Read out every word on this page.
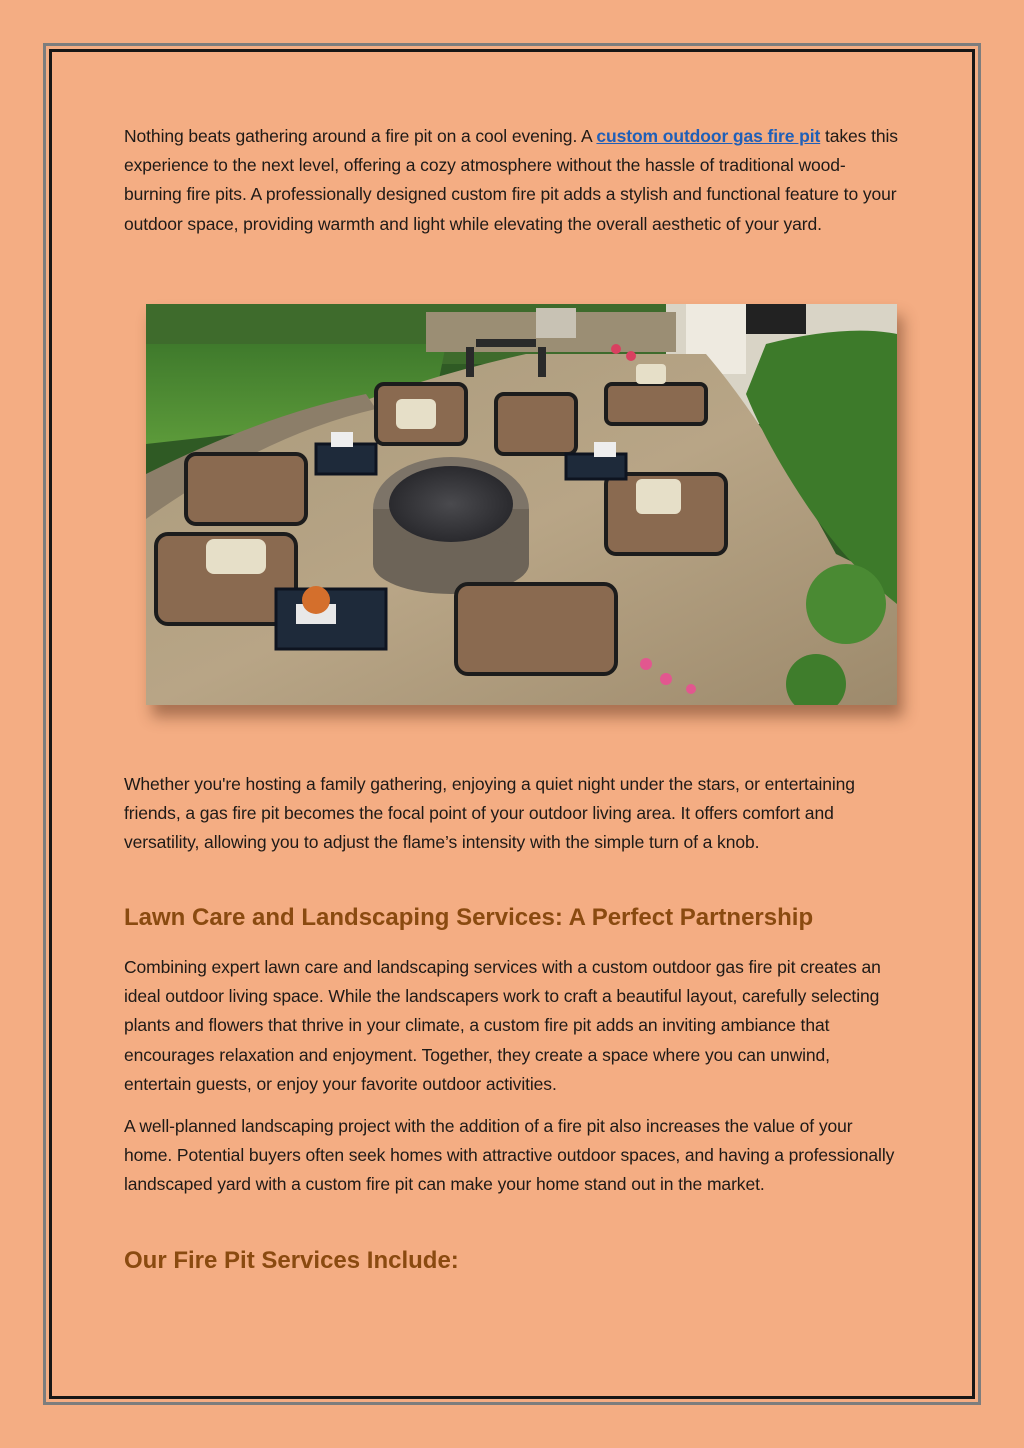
Nothing beats gathering around a fire pit on a cool evening. A custom outdoor gas fire pit takes this experience to the next level, offering a cozy atmosphere without the hassle of traditional wood-burning fire pits. A professionally designed custom fire pit adds a stylish and functional feature to your outdoor space, providing warmth and light while elevating the overall aesthetic of your yard.

Whether you're hosting a family gathering, enjoying a quiet night under the stars, or entertaining friends, a gas fire pit becomes the focal point of your outdoor living area. It offers comfort and versatility, allowing you to adjust the flame’s intensity with the simple turn of a knob.

Lawn Care and Landscaping Services: A Perfect Partnership

Combining expert lawn care and landscaping services with a custom outdoor gas fire pit creates an ideal outdoor living space. While the landscapers work to craft a beautiful layout, carefully selecting plants and flowers that thrive in your climate, a custom fire pit adds an inviting ambiance that encourages relaxation and enjoyment. Together, they create a space where you can unwind, entertain guests, or enjoy your favorite outdoor activities.

A well-planned landscaping project with the addition of a fire pit also increases the value of your home. Potential buyers often seek homes with attractive outdoor spaces, and having a professionally landscaped yard with a custom fire pit can make your home stand out in the market.

Our Fire Pit Services Include:
